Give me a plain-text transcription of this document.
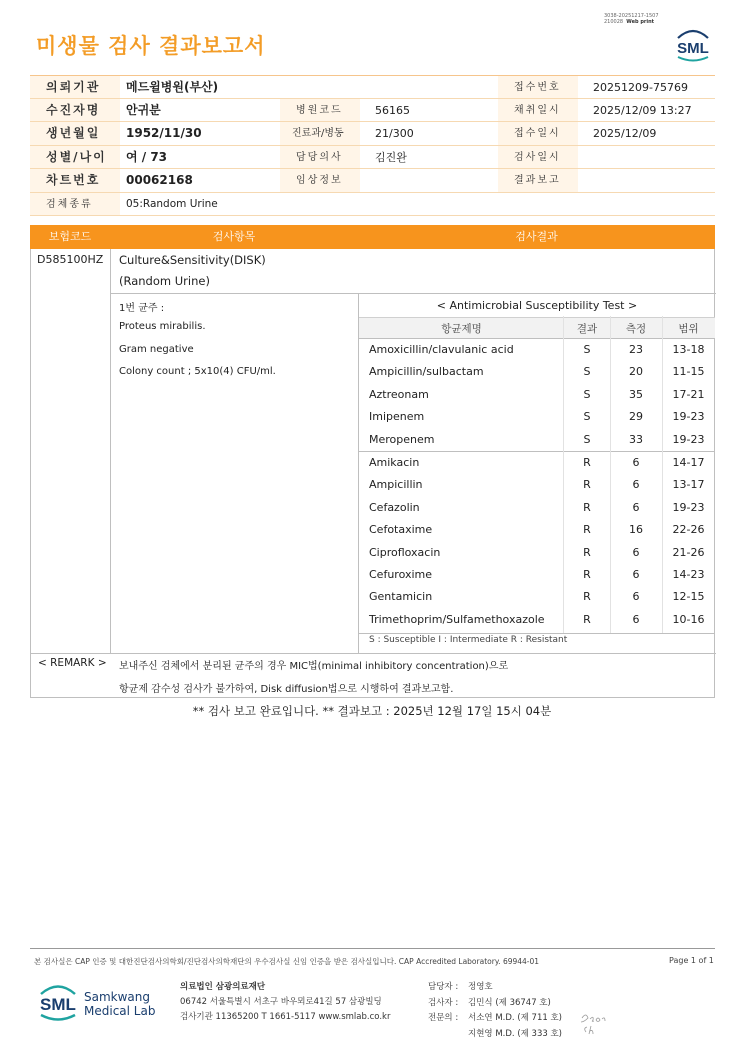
미생물 검사 결과보고서
3038-20251217-1507
210028 Web print
SML
의뢰기관 메드윌병원(부산)	접수번호	20251209-75769
수진자명 안귀분	병원코드	56165	채취일시	2025/12/09 13:27
생년월일 1952/11/30	진료과/병동	21/300	접수일시	2025/12/09
성별/나이 여 / 73	담당의사	김진완	검사일시
차트번호 00062168	임상정보	결과보고
검체종류	05:Random Urine
보험코드	검사항목	검사결과
D585100HZ Culture&Sensitivity(DISK)
(Random Urine)
1번 균주 :
Proteus mirabilis.
Gram negative
Colony count ; 5x10(4) CFU/ml.
< Antimicrobial Susceptibility Test >
항균제명	결과	측정	범위
Amoxicillin/clavulanic acid	S	23	13-18
Ampicillin/sulbactam	S	20	11-15
Aztreonam	S	35	17-21
Imipenem	S	29	19-23
Meropenem	S	33	19-23
Amikacin	R	6	14-17
Ampicillin	R	6	13-17
Cefazolin	R	6	19-23
Cefotaxime	R	16	22-26
Ciprofloxacin	R	6	21-26
Cefuroxime	R	6	14-23
Gentamicin	R	6	12-15
Trimethoprim/Sulfamethoxazole	R	6	10-16
S : Susceptible I : Intermediate R : Resistant
< REMARK > 보내주신 검체에서 분리된 균주의 경우 MIC법(minimal inhibitory concentration)으로
항균제 감수성 검사가 불가하여, Disk diffusion법으로 시행하여 결과보고함.
** 검사 보고 완료입니다. ** 결과보고 : 2025년 12월 17일 15시 04분
본 검사실은 CAP 인증 및 대한진단검사의학회/진단검사의학재단의 우수검사실 신임 인증을 받은 검사실입니다. CAP Accredited Laboratory. 69944-01	Page 1 of 1
SML Samkwang
Medical Lab
의료법인 삼광의료재단
06742 서울특별시 서초구 바우뫼로41길 57 삼광빌딩
검사기관 11365200 T 1661-5117 www.smlab.co.kr
담당자 : 정영호
검사자 : 김민식 (제 36747 호)
전문의 : 서소연 M.D. (제 711 호)
지현영 M.D. (제 333 호)
